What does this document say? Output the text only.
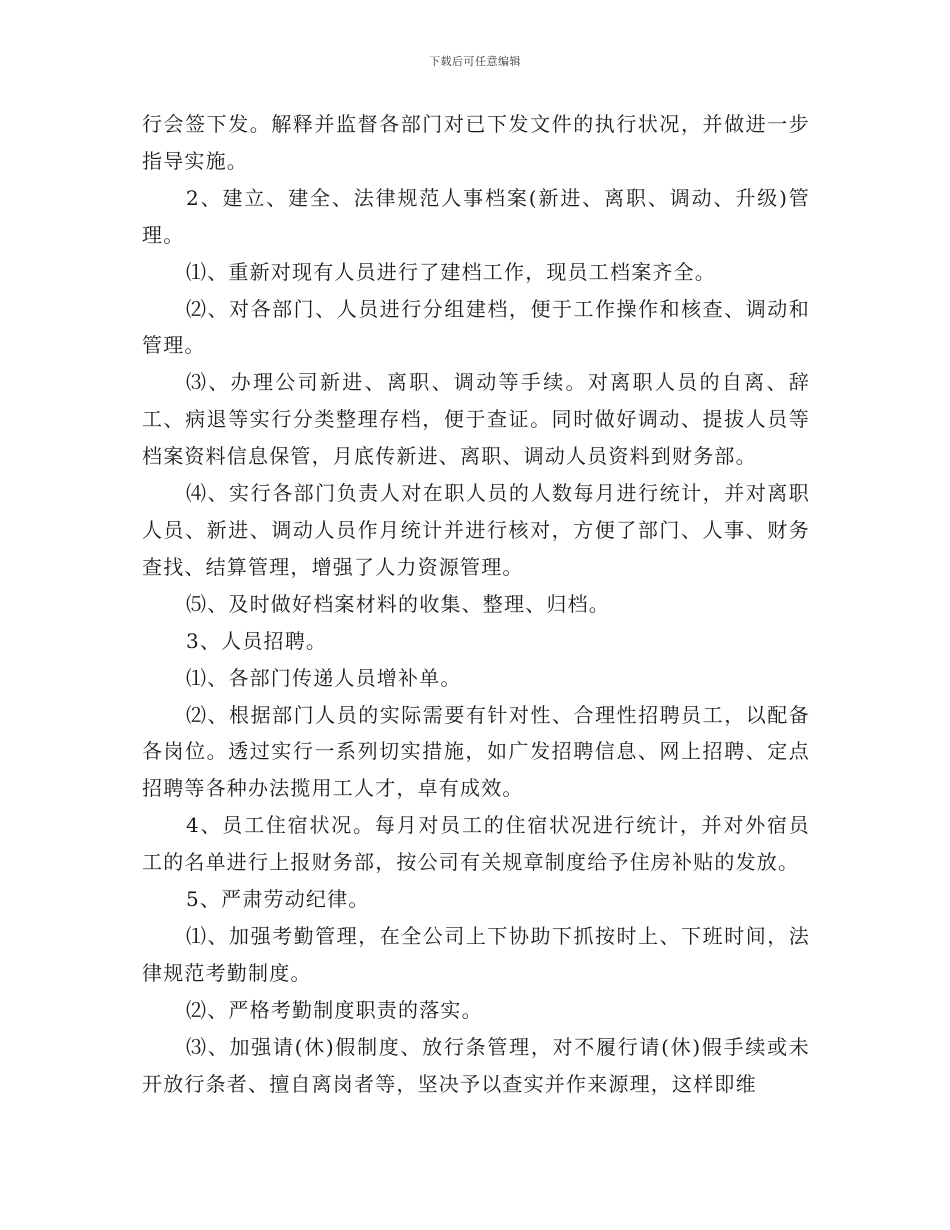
下载后可任意编辑

行会签下发。解释并监督各部门对已下发文件的执行状况，并做进一步指导实施。

2、建立、建全、法律规范人事档案(新进、离职、调动、升级)管理。

⑴、重新对现有人员进行了建档工作，现员工档案齐全。

⑵、对各部门、人员进行分组建档，便于工作操作和核查、调动和管理。

⑶、办理公司新进、离职、调动等手续。对离职人员的自离、辞工、病退等实行分类整理存档，便于查证。同时做好调动、提拔人员等档案资料信息保管，月底传新进、离职、调动人员资料到财务部。

⑷、实行各部门负责人对在职人员的人数每月进行统计，并对离职人员、新进、调动人员作月统计并进行核对，方便了部门、人事、财务查找、结算管理，增强了人力资源管理。

⑸、及时做好档案材料的收集、整理、归档。

3、人员招聘。

⑴、各部门传递人员增补单。

⑵、根据部门人员的实际需要有针对性、合理性招聘员工，以配备各岗位。透过实行一系列切实措施，如广发招聘信息、网上招聘、定点招聘等各种办法揽用工人才，卓有成效。

4、员工住宿状况。每月对员工的住宿状况进行统计，并对外宿员工的名单进行上报财务部，按公司有关规章制度给予住房补贴的发放。

5、严肃劳动纪律。

⑴、加强考勤管理，在全公司上下协助下抓按时上、下班时间，法律规范考勤制度。

⑵、严格考勤制度职责的落实。

⑶、加强请(休)假制度、放行条管理，对不履行请(休)假手续或未开放行条者、擅自离岗者等，坚决予以查实并作来源理，这样即维
